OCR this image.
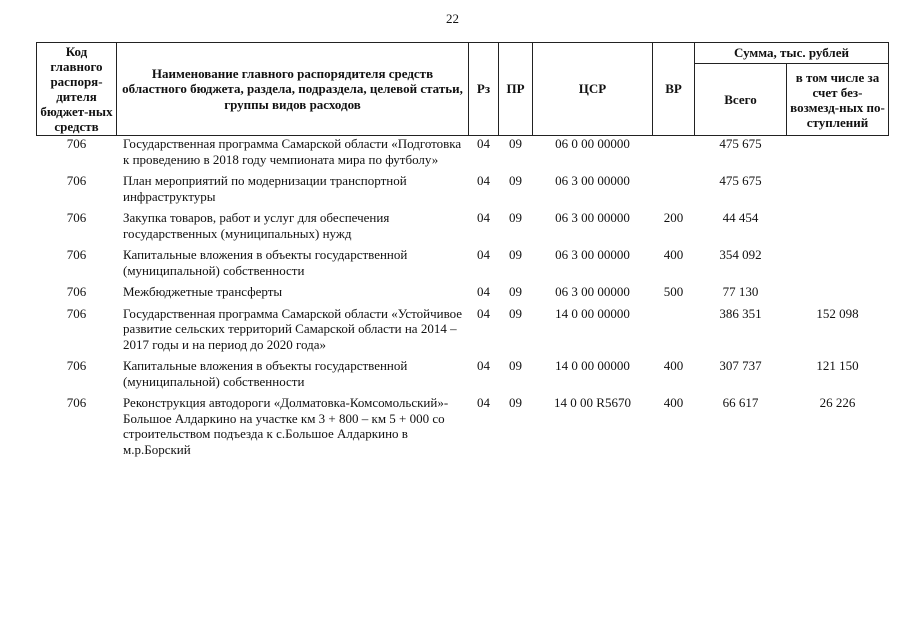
22
Код главного распоря-дителя бюджет-ных средств	Наименование главного распорядителя средств областного бюджета, раздела, подраздела, целевой статьи, группы видов расходов	Рз	ПР	ЦСР	ВР	Сумма, тыс. рублей	
						Всего	в том числе за счет без-возмезд-ных по-ступлений
706	Государственная программа Самарской области «Подготовка к проведению в 2018 году чемпионата мира по футболу»	04	09	06 0 00 00000		475 675	
706	План мероприятий по модернизации транспортной инфраструктуры	04	09	06 3 00 00000		475 675	
706	Закупка товаров, работ и услуг для обеспечения государственных (муниципальных) нужд	04	09	06 3 00 00000	200	44 454	
706	Капитальные вложения в объекты государственной (муниципальной) собственности	04	09	06 3 00 00000	400	354 092	
706	Межбюджетные трансферты	04	09	06 3 00 00000	500	77 130	
706	Государственная программа Самарской области «Устойчивое развитие сельских территорий Самарской области на 2014 – 2017 годы и на период до 2020 года»	04	09	14 0 00 00000		386 351	152 098
706	Капитальные вложения в объекты государственной (муниципальной) собственности	04	09	14 0 00 00000	400	307 737	121 150
706	Реконструкция автодороги «Долматовка-Комсомольский»-Большое Алдаркино на участке км 3 + 800 – км 5 + 000 со строительством подъезда к с.Большое Алдаркино в м.р.Борский	04	09	14 0 00 R5670	400	66 617	26 226
